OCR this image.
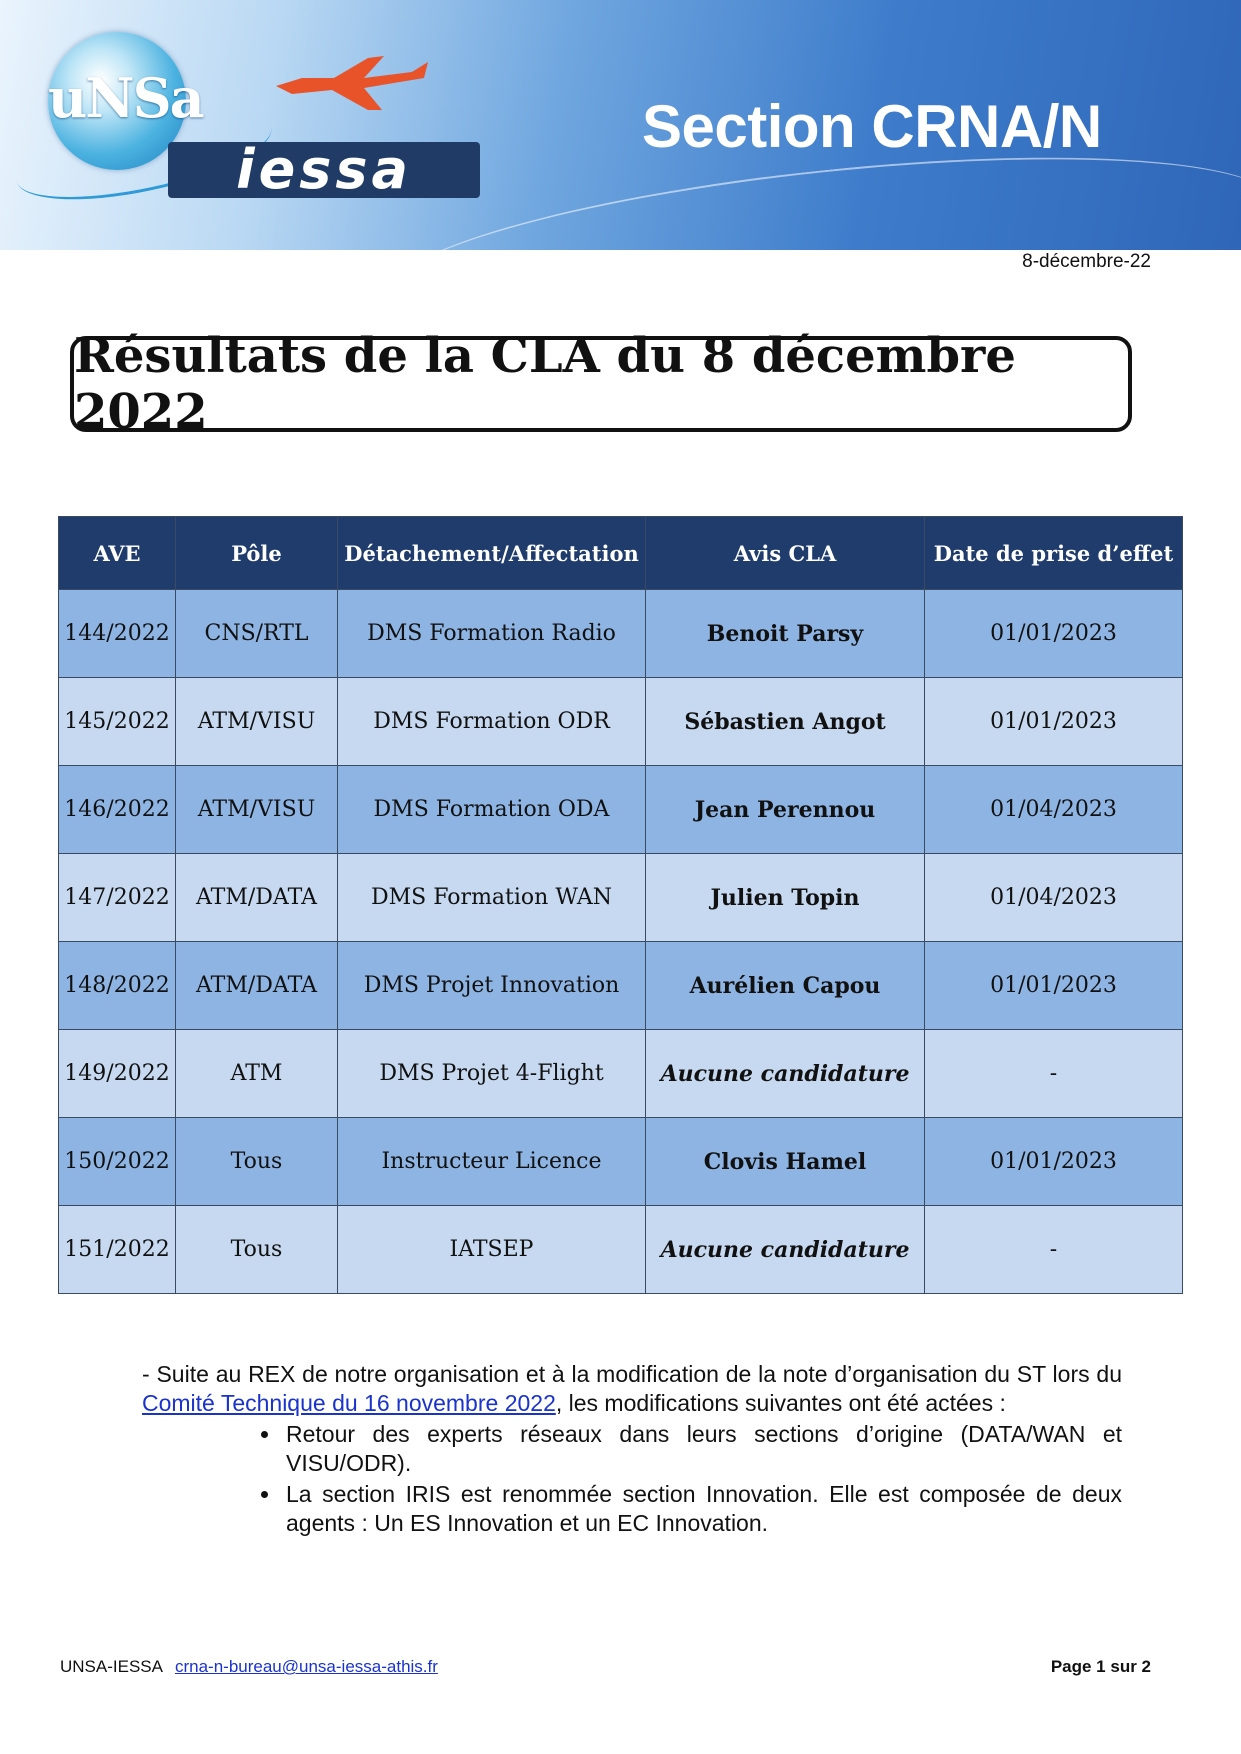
uNSa
iessa
Section CRNA/N
8-décembre-22
Résultats de la CLA du 8 décembre 2022
AVE	Pôle	Détachement/Affectation	Avis CLA	Date de prise d’effet
144/2022	CNS/RTL	DMS Formation Radio	Benoit Parsy	01/01/2023
145/2022	ATM/VISU	DMS Formation ODR	Sébastien Angot	01/01/2023
146/2022	ATM/VISU	DMS Formation ODA	Jean Perennou	01/04/2023
147/2022	ATM/DATA	DMS Formation WAN	Julien Topin	01/04/2023
148/2022	ATM/DATA	DMS Projet Innovation	Aurélien Capou	01/01/2023
149/2022	ATM	DMS Projet 4-Flight	Aucune candidature	-
150/2022	Tous	Instructeur Licence	Clovis Hamel	01/01/2023
151/2022	Tous	IATSEP	Aucune candidature	-

- Suite au REX de notre organisation et à la modification de la note d’organisation du ST lors du Comité Technique du 16 novembre 2022, les modifications suivantes ont été actées :

• Retour des experts réseaux dans leurs sections d’origine (DATA/WAN et VISU/ODR).
• La section IRIS est renommée section Innovation. Elle est composée de deux agents : Un ES Innovation et un EC Innovation.
UNSA-IESSA crna-n-bureau@unsa-iessa-athis.fr	Page 1 sur 2
